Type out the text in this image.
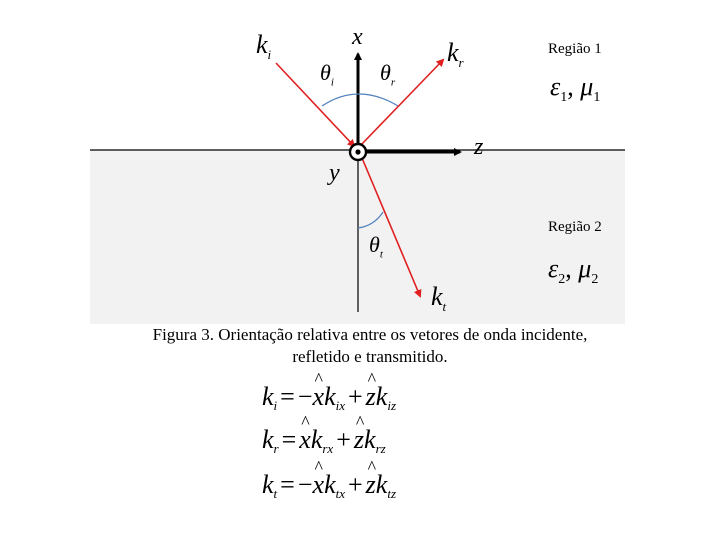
x
z
y
$k_i$	$k_r$
$k_t$
$\theta_i$ $\theta_r$
$\theta_t$
Região 1
$\varepsilon_1$, $\mu_1$
Região 2
$\varepsilon_2$, $\mu_2$
Figura 3. Orientação relativa entre os vetores de onda incidente,
refletido e transmitido.
$k_i$ = −^ $xk_{ix}$ + ^ $zk_{iz}$
$k_r$ = ^ $xk_{rx}$ + ^ $zk_{rz}$
$k_t$ = −^ $xk_{tx}$ + ^ $zk_{tz}$
